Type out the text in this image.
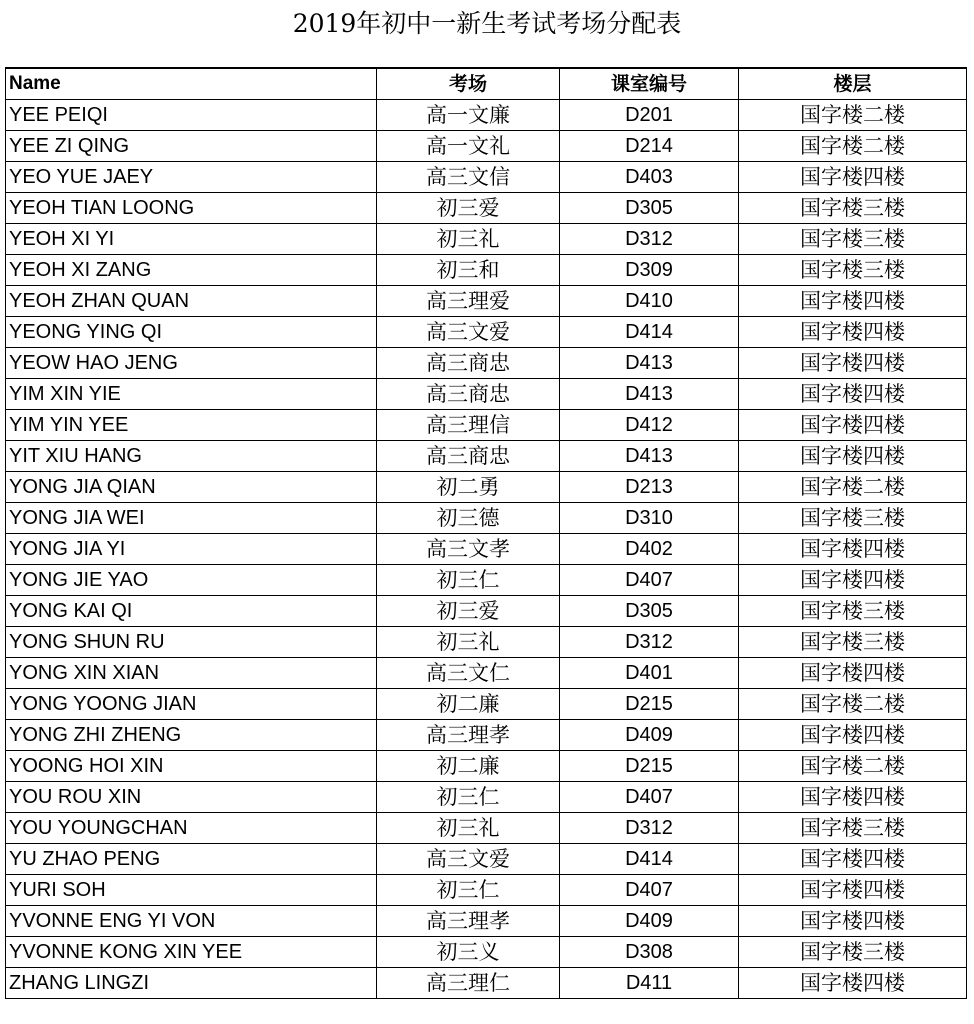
2019年初中一新生考试考场分配表
Name	考场	课室编号	楼层
YEE PEIQI	高一文廉	D201	国字楼二楼
YEE ZI QING	高一文礼	D214	国字楼二楼
YEO YUE JAEY	高三文信	D403	国字楼四楼
YEOH TIAN LOONG	初三爱	D305	国字楼三楼
YEOH XI YI	初三礼	D312	国字楼三楼
YEOH XI ZANG	初三和	D309	国字楼三楼
YEOH ZHAN QUAN	高三理爱	D410	国字楼四楼
YEONG YING QI	高三文爱	D414	国字楼四楼
YEOW HAO JENG	高三商忠	D413	国字楼四楼
YIM XIN YIE	高三商忠	D413	国字楼四楼
YIM YIN YEE	高三理信	D412	国字楼四楼
YIT XIU HANG	高三商忠	D413	国字楼四楼
YONG JIA QIAN	初二勇	D213	国字楼二楼
YONG JIA WEI	初三德	D310	国字楼三楼
YONG JIA YI	高三文孝	D402	国字楼四楼
YONG JIE YAO	初三仁	D407	国字楼四楼
YONG KAI QI	初三爱	D305	国字楼三楼
YONG SHUN RU	初三礼	D312	国字楼三楼
YONG XIN XIAN	高三文仁	D401	国字楼四楼
YONG YOONG JIAN	初二廉	D215	国字楼二楼
YONG ZHI ZHENG	高三理孝	D409	国字楼四楼
YOONG HOI XIN	初二廉	D215	国字楼二楼
YOU ROU XIN	初三仁	D407	国字楼四楼
YOU YOUNGCHAN	初三礼	D312	国字楼三楼
YU ZHAO PENG	高三文爱	D414	国字楼四楼
YURI SOH	初三仁	D407	国字楼四楼
YVONNE ENG YI VON	高三理孝	D409	国字楼四楼
YVONNE KONG XIN YEE	初三义	D308	国字楼三楼
ZHANG LINGZI	高三理仁	D411	国字楼四楼
